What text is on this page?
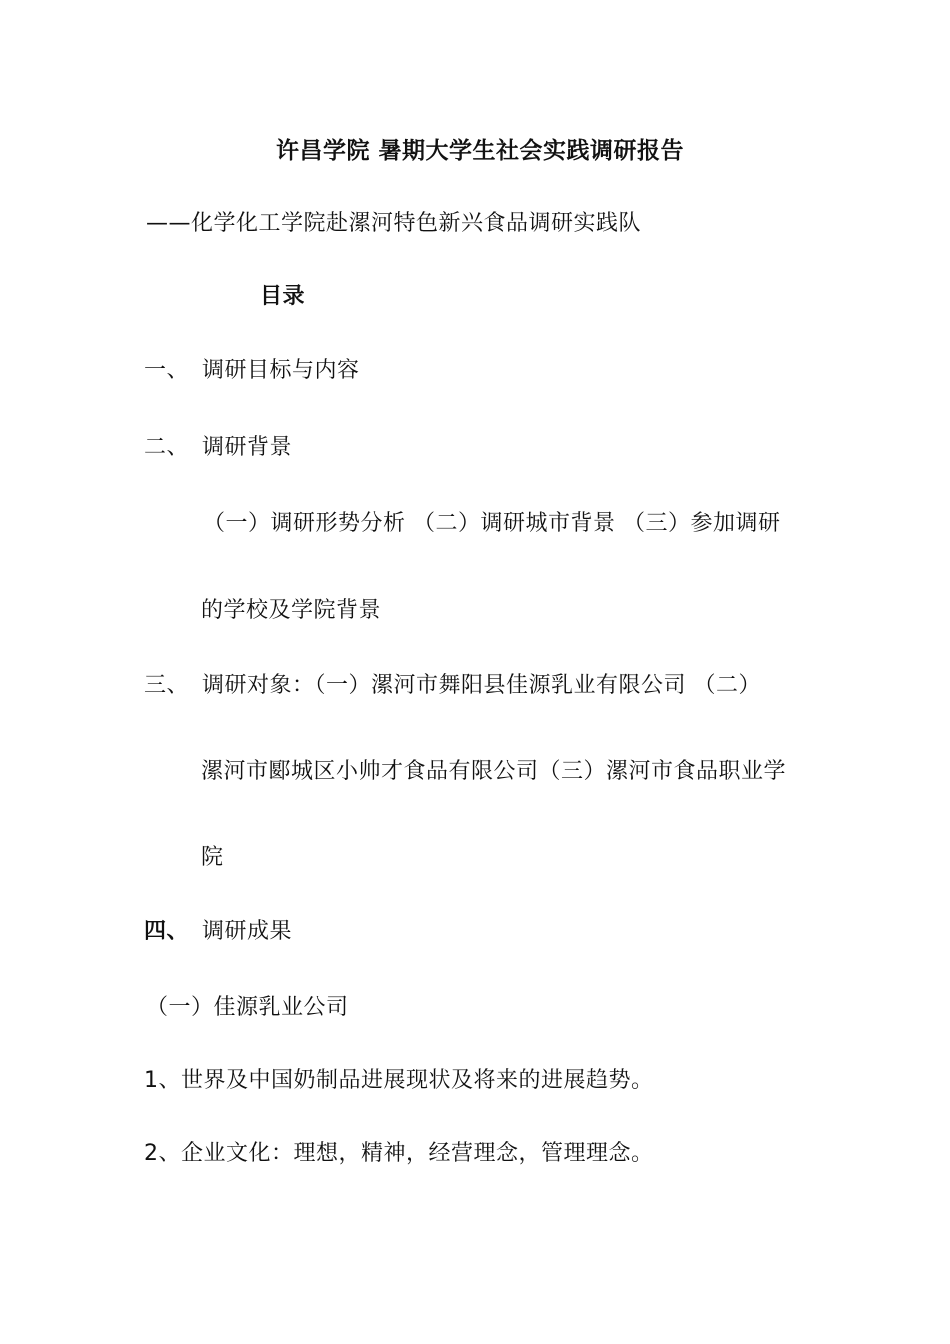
许昌学院 暑期大学生社会实践调研报告
——化学化工学院赴漯河特色新兴食品调研实践队
目录
一、 调研目标与内容
二、 调研背景
（一）调研形势分析 （二）调研城市背景 （三）参加调研
的学校及学院背景
三、 调研对象：（一）漯河市舞阳县佳源乳业有限公司 （二）
漯河市郾城区小帅才食品有限公司（三）漯河市食品职业学
院
四、 调研成果
（一）佳源乳业公司
1、世界及中国奶制品进展现状及将来的进展趋势。
2、企业文化：理想，精神，经营理念，管理理念。
